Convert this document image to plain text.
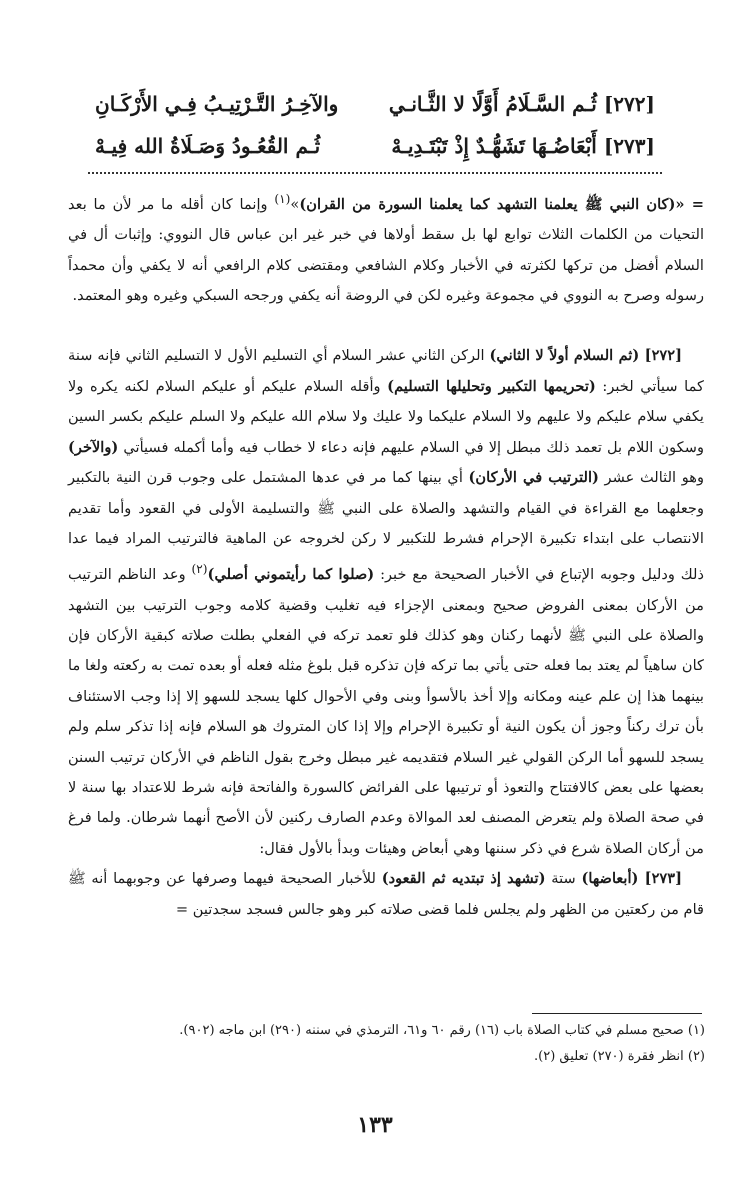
[٢٧٢] ثُـم السَّـلَامُ أَوَّلًا لا الثَّـانـي
والآخِـرُ التَّـرْتِيـبُ فِـي الأَرْكَـانِ
[٢٧٣] أَبْعَاضُـهَا تَشَهُّـدٌ إِذْ تَبْتَـدِيـهْ
ثُـم القُعُـودُ وَصَـلَاةُ الله فِيـهْ

= «(كان النبي ﷺ يعلمنا التشهد كما يعلمنا السورة من القران)»$^{(١)}$ وإنما كان أقله ما مر لأن ما بعد التحيات من الكلمات الثلاث توابع لها بل سقط أولاها في خبر غير ابن عباس قال النووي: وإثبات أل في السلام أفضل من تركها لكثرته في الأخبار وكلام الشافعي ومقتضى كلام الرافعي أنه لا يكفي وأن محمداً رسوله وصرح به النووي في مجموعة وغيره لكن في الروضة أنه يكفي ورجحه السبكي وغيره وهو المعتمد.

[٢٧٢] (ثم السلام أولاً لا الثاني) الركن الثاني عشر السلام أي التسليم الأول لا التسليم الثاني فإنه سنة كما سيأتي لخبر: (تحريمها التكبير وتحليلها التسليم) وأقله السلام عليكم أو عليكم السلام لكنه يكره ولا يكفي سلام عليكم ولا عليهم ولا السلام عليكما ولا عليك ولا سلام الله عليكم ولا السلم عليكم بكسر السين وسكون اللام بل تعمد ذلك مبطل إلا في السلام عليهم فإنه دعاء لا خطاب فيه وأما أكمله فسيأتي (والآخر) وهو الثالث عشر (الترتيب في الأركان) أي بينها كما مر في عدها المشتمل على وجوب قرن النية بالتكبير وجعلهما مع القراءة في القيام والتشهد والصلاة على النبي ﷺ والتسليمة الأولى في القعود وأما تقديم الانتصاب على ابتداء تكبيرة الإحرام فشرط للتكبير لا ركن لخروجه عن الماهية فالترتيب المراد فيما عدا ذلك ودليل وجوبه الإتباع في الأخبار الصحيحة مع خبر: (صلوا كما رأيتموني أصلي)$^{(٢)}$ وعد الناظم الترتيب من الأركان بمعنى الفروض صحيح وبمعنى الإجزاء فيه تغليب وقضية كلامه وجوب الترتيب بين التشهد والصلاة على النبي ﷺ لأنهما ركنان وهو كذلك فلو تعمد تركه في الفعلي بطلت صلاته كبقية الأركان فإن كان ساهياً لم يعتد بما فعله حتى يأتي بما تركه فإن تذكره قبل بلوغ مثله فعله أو بعده تمت به ركعته ولغا ما بينهما هذا إن علم عينه ومكانه وإلا أخذ بالأسوأ وبنى وفي الأحوال كلها يسجد للسهو إلا إذا وجب الاستئناف بأن ترك ركناً وجوز أن يكون النية أو تكبيرة الإحرام وإلا إذا كان المتروك هو السلام فإنه إذا تذكر سلم ولم يسجد للسهو أما الركن القولي غير السلام فتقديمه غير مبطل وخرج بقول الناظم في الأركان ترتيب السنن بعضها على بعض كالافتتاح والتعوذ أو ترتيبها على الفرائض كالسورة والفاتحة فإنه شرط للاعتداد بها سنة لا في صحة الصلاة ولم يتعرض المصنف لعد الموالاة وعدم الصارف ركنين لأن الأصح أنهما شرطان. ولما فرغ من أركان الصلاة شرع في ذكر سننها وهي أبعاض وهيئات وبدأ بالأول فقال:

[٢٧٣] (أبعاضها) ستة (تشهد إذ تبتديه ثم القعود) للأخبار الصحيحة فيهما وصرفها عن وجوبهما أنه ﷺ قام من ركعتين من الظهر ولم يجلس فلما قضى صلاته كبر وهو جالس فسجد سجدتين =

(١) صحيح مسلم في كتاب الصلاة باب (١٦) رقم ٦٠ و٦١، الترمذي في سننه (٢٩٠) ابن ماجه (٩٠٢).
(٢) انظر فقرة (٢٧٠) تعليق (٢).
١٣٣
